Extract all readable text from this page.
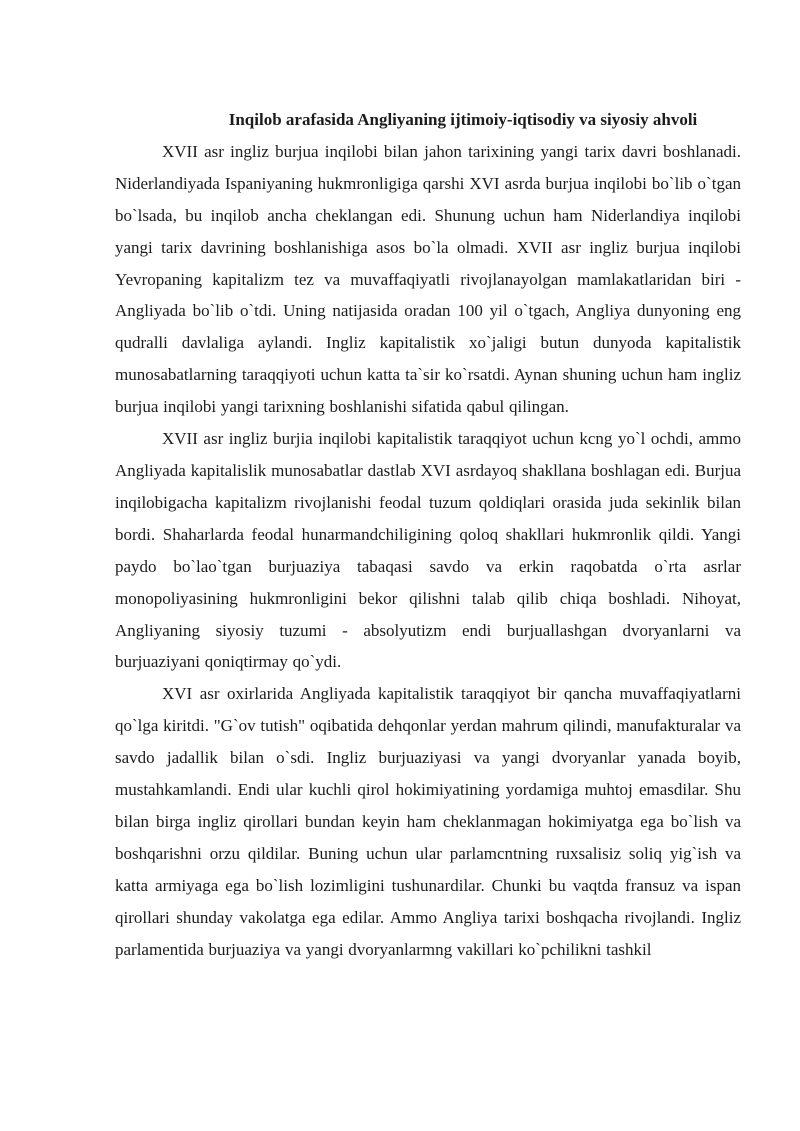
Inqilob arafasida Angliyaning ijtimoiy-iqtisodiy va siyosiy ahvoli

XVII asr ingliz burjua inqilobi bilan jahon tarixining yangi tarix davri boshlanadi. Niderlandiyada Ispaniyaning hukmronligiga qarshi XVI asrda burjua inqilobi bo`lib o`tgan bo`lsada, bu inqilob ancha cheklangan edi. Shunung uchun ham Niderlandiya inqilobi yangi tarix davrining boshlanishiga asos bo`la olmadi. XVII asr ingliz burjua inqilobi Yevropaning kapitalizm tez va muvaffaqiyatli rivojlanayolgan mamlakatlaridan biri - Angliyada bo`lib o`tdi. Uning natijasida oradan 100 yil o`tgach, Angliya dunyoning eng qudralli davlaliga aylandi. Ingliz kapitalistik xo`jaligi butun dunyoda kapitalistik munosabatlarning taraqqiyoti uchun katta ta`sir ko`rsatdi. Aynan shuning uchun ham ingliz burjua inqilobi yangi tarixning boshlanishi sifatida qabul qilingan.

XVII asr ingliz burjia inqilobi kapitalistik taraqqiyot uchun kcng yo`l ochdi, ammo Angliyada kapitalislik munosabatlar dastlab XVI asrdayoq shakllana boshlagan edi. Burjua inqilobigacha kapitalizm rivojlanishi feodal tuzum qoldiqlari orasida juda sekinlik bilan bordi. Shaharlarda feodal hunarmandchiligining qoloq shakllari hukmronlik qildi. Yangi paydo bo`lao`tgan burjuaziya tabaqasi savdo va erkin raqobatda o`rta asrlar monopoliyasining hukmronligini bekor qilishni talab qilib chiqa boshladi. Nihoyat, Angliyaning siyosiy tuzumi - absolyutizm endi burjuallashgan dvoryanlarni va burjuaziyani qoniqtirmay qo`ydi.

XVI asr oxirlarida Angliyada kapitalistik taraqqiyot bir qancha muvaffaqiyatlarni qo`lga kiritdi. "G`ov tutish" oqibatida dehqonlar yerdan mahrum qilindi, manufakturalar va savdo jadallik bilan o`sdi. Ingliz burjuaziyasi va yangi dvoryanlar yanada boyib, mustahkamlandi. Endi ular kuchli qirol hokimiyatining yordamiga muhtoj emasdilar. Shu bilan birga ingliz qirollari bundan keyin ham cheklanmagan hokimiyatga ega bo`lish va boshqarishni orzu qildilar. Buning uchun ular parlamcntning ruxsalisiz soliq yig`ish va katta armiyaga ega bo`lish lozimligini tushunardilar. Chunki bu vaqtda fransuz va ispan qirollari shunday vakolatga ega edilar. Ammo Angliya tarixi boshqacha rivojlandi. Ingliz parlamentida burjuaziya va yangi dvoryanlarmng vakillari ko`pchilikni tashkil
